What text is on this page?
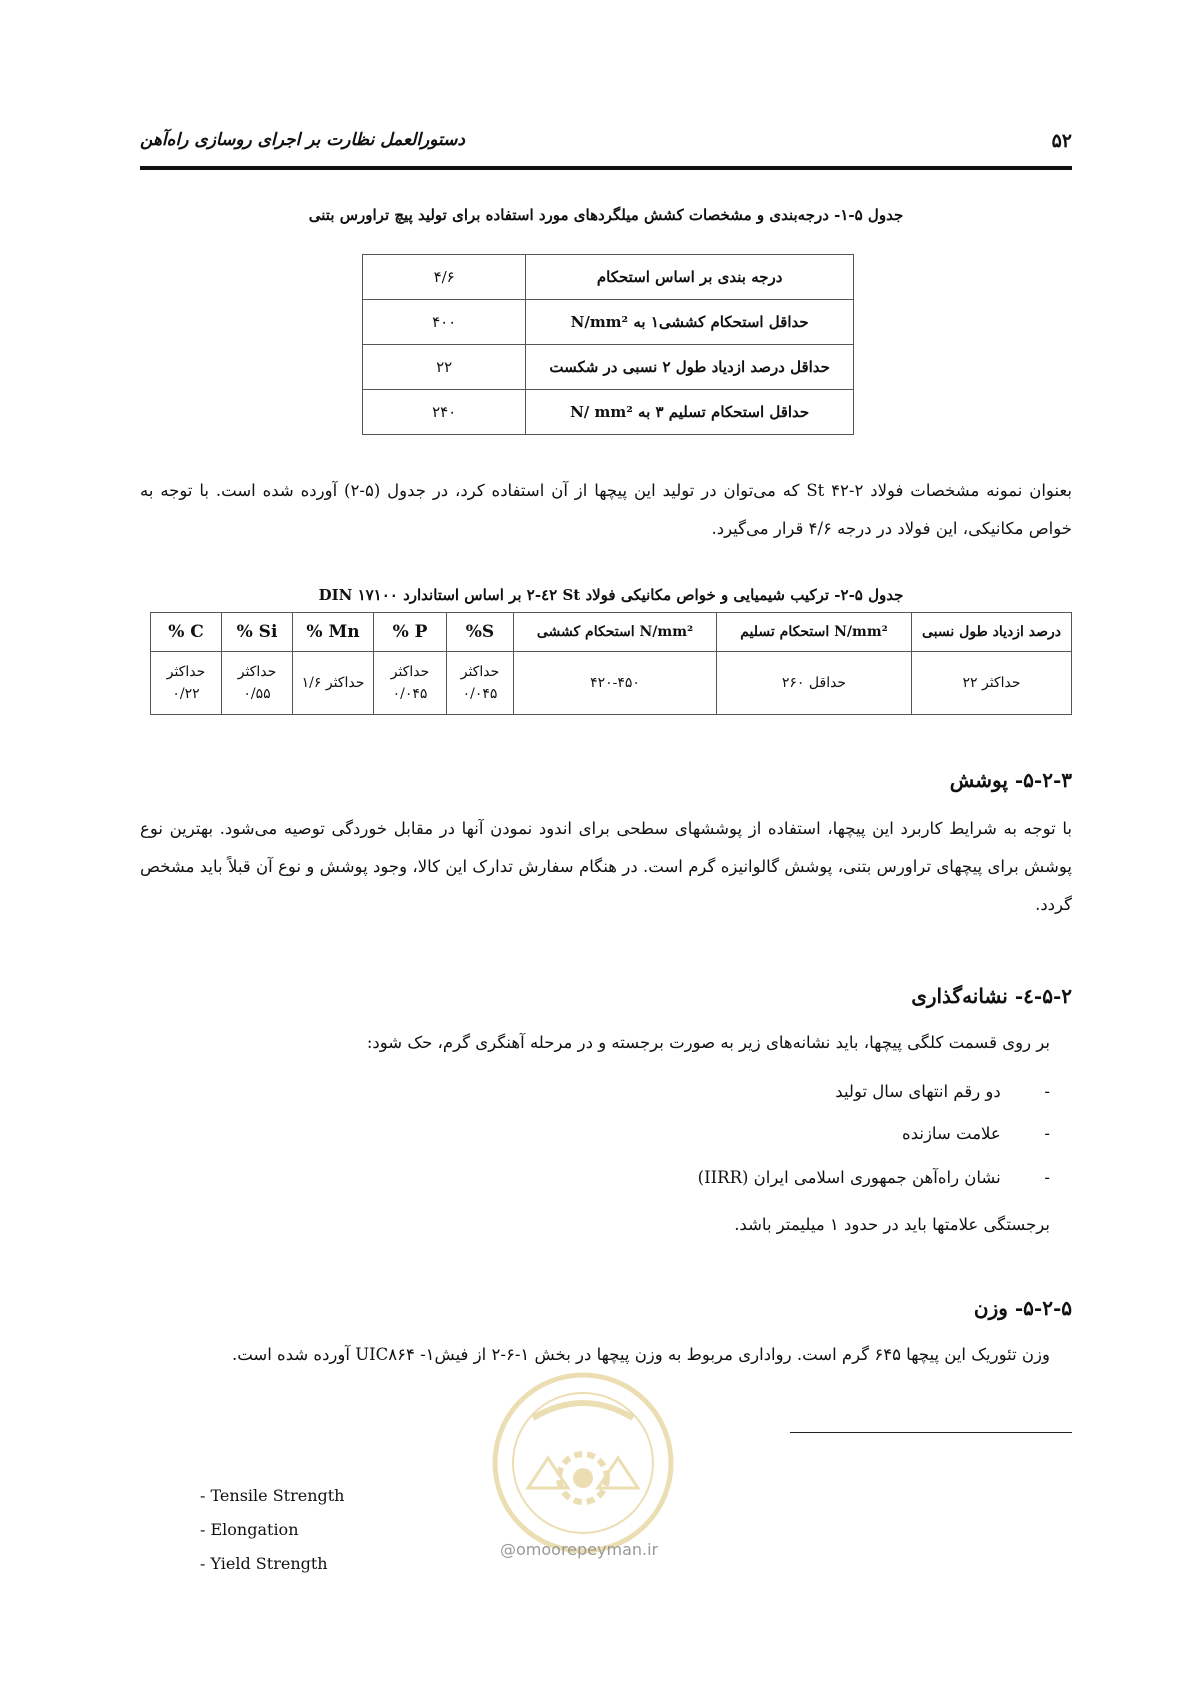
۵۲
دستورالعمل نظارت بر اجرای روسازی راه‌آهن
جدول ۵-۱- درجه‌بندی و مشخصات کشش میلگردهای مورد استفاده برای تولید پیچ تراورس بتنی
۴/۶	درجه بندی بر اساس استحکام
۴۰۰	حداقل استحکام کششی۱ به N/mm²
۲۲	حداقل درصد ازدیاد طول ۲ نسبی در شکست
۲۴۰	حداقل استحکام تسلیم ۳ به N/ mm²
بعنوان نمونه مشخصات فولاد St ۴۲-۲ که می‌توان در تولید این پیچها از آن استفاده کرد، در جدول (۵-۲) آورده شده است. با توجه به خواص مکانیکی، این فولاد در درجه ۴/۶ قرار می‌گیرد.
جدول ۵-۲- ترکیب شیمیایی و خواص مکانیکی فولاد St ٤٢-۲ بر اساس استاندارد DIN ۱۷۱۰۰
% C	% Si	% Mn	% P	%S	N/mm² استحکام کششی	N/mm² استحکام تسلیم	درصد ازدیاد طول نسبی
حداکثر ۰/۲۲	حداکثر ۰/۵۵	حداکثر ۱/۶	حداکثر ۰/۰۴۵	حداکثر ۰/۰۴۵	۴۲۰-۴۵۰	حداقل ۲۶۰	حداکثر ۲۲
۵-۲-۳- پوشش
با توجه به شرایط کاربرد این پیچها، استفاده از پوششهای سطحی برای اندود نمودن آنها در مقابل خوردگی توصیه می‌شود. بهترین نوع پوشش برای پیچهای تراورس بتنی، پوشش گالوانیزه گرم است. در هنگام سفارش تدارک این کالا، وجود پوشش و نوع آن قبلاً باید مشخص گردد.
۵-۲-٤- نشانه‌گذاری
بر روی قسمت کلگی پیچها، باید نشانه‌های زیر به صورت برجسته و در مرحله آهنگری گرم، حک شود:
- دو رقم انتهای سال تولید
- علامت سازنده
- نشان راه‌آهن جمهوری اسلامی ایران (IIRR)
برجستگی علامتها باید در حدود ۱ میلیمتر باشد.
۵-۲-۵- وزن
وزن تئوریک این پیچها ۶۴۵ گرم است. رواداری مربوط به وزن پیچها در بخش ۱-۶-۲ از فیش۱- UIC۸۶۴ آورده شده است.
@omoorepeyman.ir
- Tensile Strength
- Elongation
- Yield Strength
